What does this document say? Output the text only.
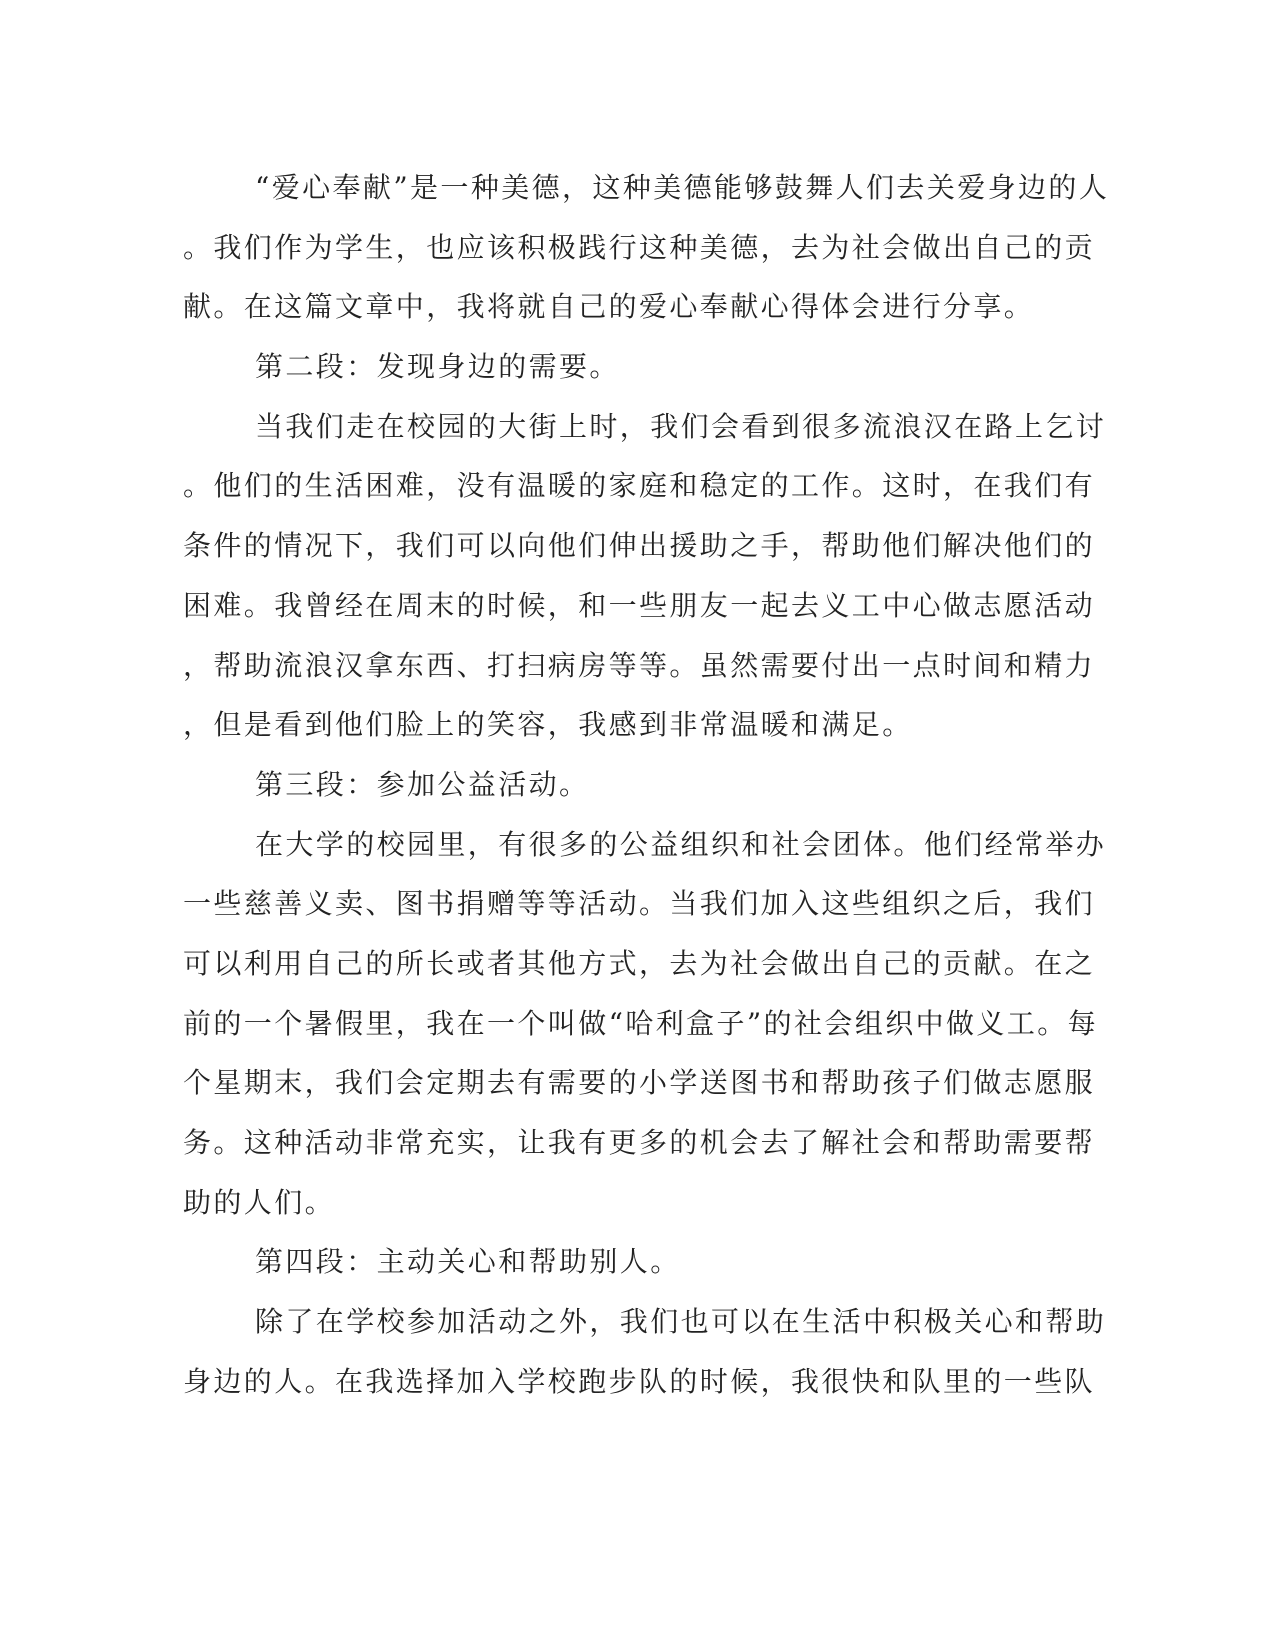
“爱心奉献”是一种美德，这种美德能够鼓舞人们去关爱身边的人
。我们作为学生，也应该积极践行这种美德，去为社会做出自己的贡
献。在这篇文章中，我将就自己的爱心奉献心得体会进行分享。
第二段：发现身边的需要。
当我们走在校园的大街上时，我们会看到很多流浪汉在路上乞讨
。他们的生活困难，没有温暖的家庭和稳定的工作。这时，在我们有
条件的情况下，我们可以向他们伸出援助之手，帮助他们解决他们的
困难。我曾经在周末的时候，和一些朋友一起去义工中心做志愿活动
，帮助流浪汉拿东西、打扫病房等等。虽然需要付出一点时间和精力
，但是看到他们脸上的笑容，我感到非常温暖和满足。
第三段：参加公益活动。
在大学的校园里，有很多的公益组织和社会团体。他们经常举办
一些慈善义卖、图书捐赠等等活动。当我们加入这些组织之后，我们
可以利用自己的所长或者其他方式，去为社会做出自己的贡献。在之
前的一个暑假里，我在一个叫做“哈利盒子”的社会组织中做义工。每
个星期末，我们会定期去有需要的小学送图书和帮助孩子们做志愿服
务。这种活动非常充实，让我有更多的机会去了解社会和帮助需要帮
助的人们。
第四段：主动关心和帮助别人。
除了在学校参加活动之外，我们也可以在生活中积极关心和帮助
身边的人。在我选择加入学校跑步队的时候，我很快和队里的一些队
